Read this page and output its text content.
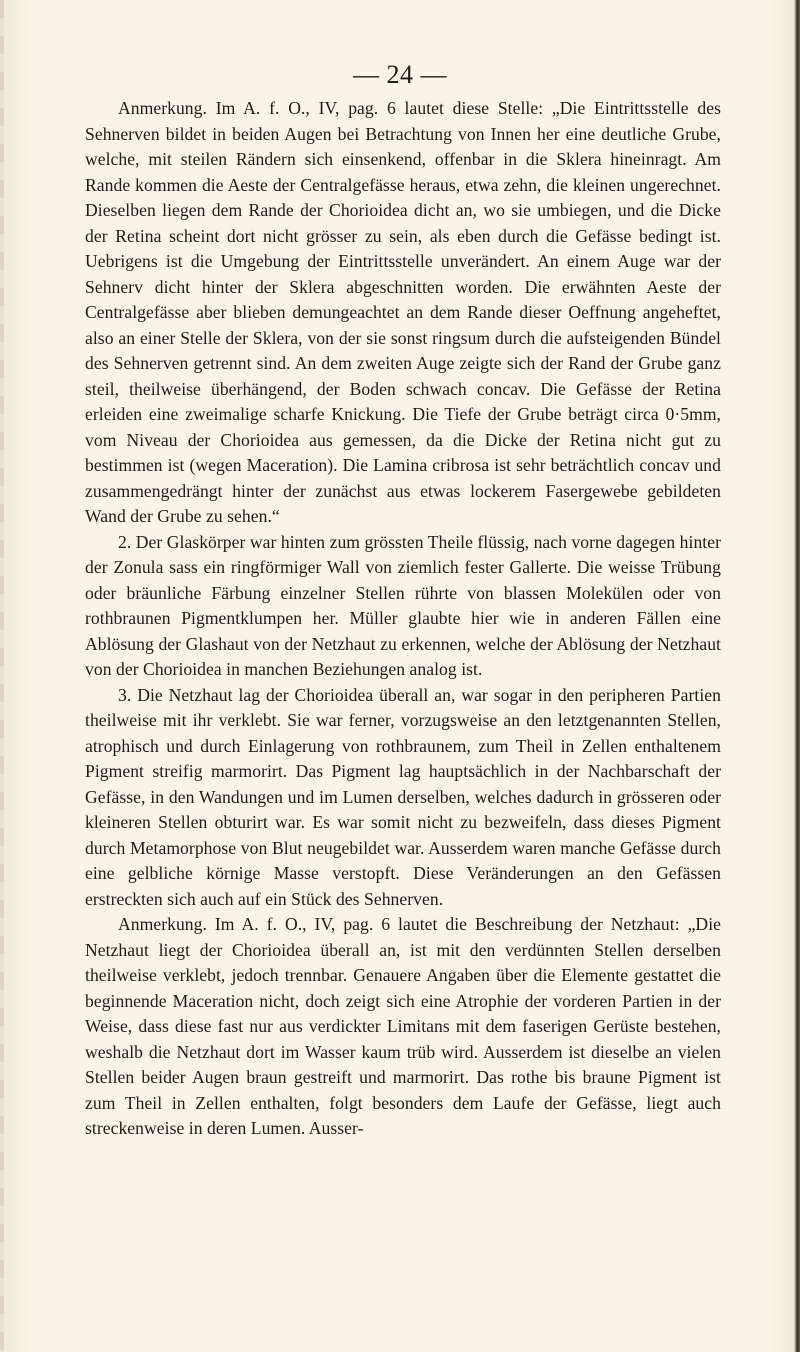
— 24 —

Anmerkung. Im A. f. O., IV, pag. 6 lautet diese Stelle: „Die Eintrittsstelle des Sehnerven bildet in beiden Augen bei Betrachtung von Innen her eine deutliche Grube, welche, mit steilen Rändern sich einsenkend, offenbar in die Sklera hineinragt. Am Rande kommen die Aeste der Centralgefässe heraus, etwa zehn, die kleinen ungerechnet. Dieselben liegen dem Rande der Chorioidea dicht an, wo sie umbiegen, und die Dicke der Retina scheint dort nicht grösser zu sein, als eben durch die Gefässe bedingt ist. Uebrigens ist die Umgebung der Eintrittsstelle unverändert. An einem Auge war der Sehnerv dicht hinter der Sklera abgeschnitten worden. Die erwähnten Aeste der Centralgefässe aber blieben demungeachtet an dem Rande dieser Oeffnung angeheftet, also an einer Stelle der Sklera, von der sie sonst ringsum durch die aufsteigenden Bündel des Sehnerven getrennt sind. An dem zweiten Auge zeigte sich der Rand der Grube ganz steil, theilweise überhängend, der Boden schwach concav. Die Gefässe der Retina erleiden eine zweimalige scharfe Knickung. Die Tiefe der Grube beträgt circa 0·5mm, vom Niveau der Chorioidea aus gemessen, da die Dicke der Retina nicht gut zu bestimmen ist (wegen Maceration). Die Lamina cribrosa ist sehr beträchtlich concav und zusammengedrängt hinter der zunächst aus etwas lockerem Fasergewebe gebildeten Wand der Grube zu sehen.“

2. Der Glaskörper war hinten zum grössten Theile flüssig, nach vorne dagegen hinter der Zonula sass ein ringförmiger Wall von ziemlich fester Gallerte. Die weisse Trübung oder bräunliche Färbung einzelner Stellen rührte von blassen Molekülen oder von rothbraunen Pigmentklumpen her. Müller glaubte hier wie in anderen Fällen eine Ablösung der Glashaut von der Netzhaut zu erkennen, welche der Ablösung der Netzhaut von der Chorioidea in manchen Beziehungen analog ist.

3. Die Netzhaut lag der Chorioidea überall an, war sogar in den peripheren Partien theilweise mit ihr verklebt. Sie war ferner, vorzugsweise an den letztgenannten Stellen, atrophisch und durch Einlagerung von rothbraunem, zum Theil in Zellen enthaltenem Pigment streifig marmorirt. Das Pigment lag hauptsächlich in der Nachbarschaft der Gefässe, in den Wandungen und im Lumen derselben, welches dadurch in grösseren oder kleineren Stellen obturirt war. Es war somit nicht zu bezweifeln, dass dieses Pigment durch Metamorphose von Blut neugebildet war. Ausserdem waren manche Gefässe durch eine gelbliche körnige Masse verstopft. Diese Veränderungen an den Gefässen erstreckten sich auch auf ein Stück des Sehnerven.

Anmerkung. Im A. f. O., IV, pag. 6 lautet die Beschreibung der Netzhaut: „Die Netzhaut liegt der Chorioidea überall an, ist mit den verdünnten Stellen derselben theilweise verklebt, jedoch trennbar. Genauere Angaben über die Elemente gestattet die beginnende Maceration nicht, doch zeigt sich eine Atrophie der vorderen Partien in der Weise, dass diese fast nur aus verdickter Limitans mit dem faserigen Gerüste bestehen, weshalb die Netzhaut dort im Wasser kaum trüb wird. Ausserdem ist dieselbe an vielen Stellen beider Augen braun gestreift und marmorirt. Das rothe bis braune Pigment ist zum Theil in Zellen enthalten, folgt besonders dem Laufe der Gefässe, liegt auch streckenweise in deren Lumen. Ausser-
